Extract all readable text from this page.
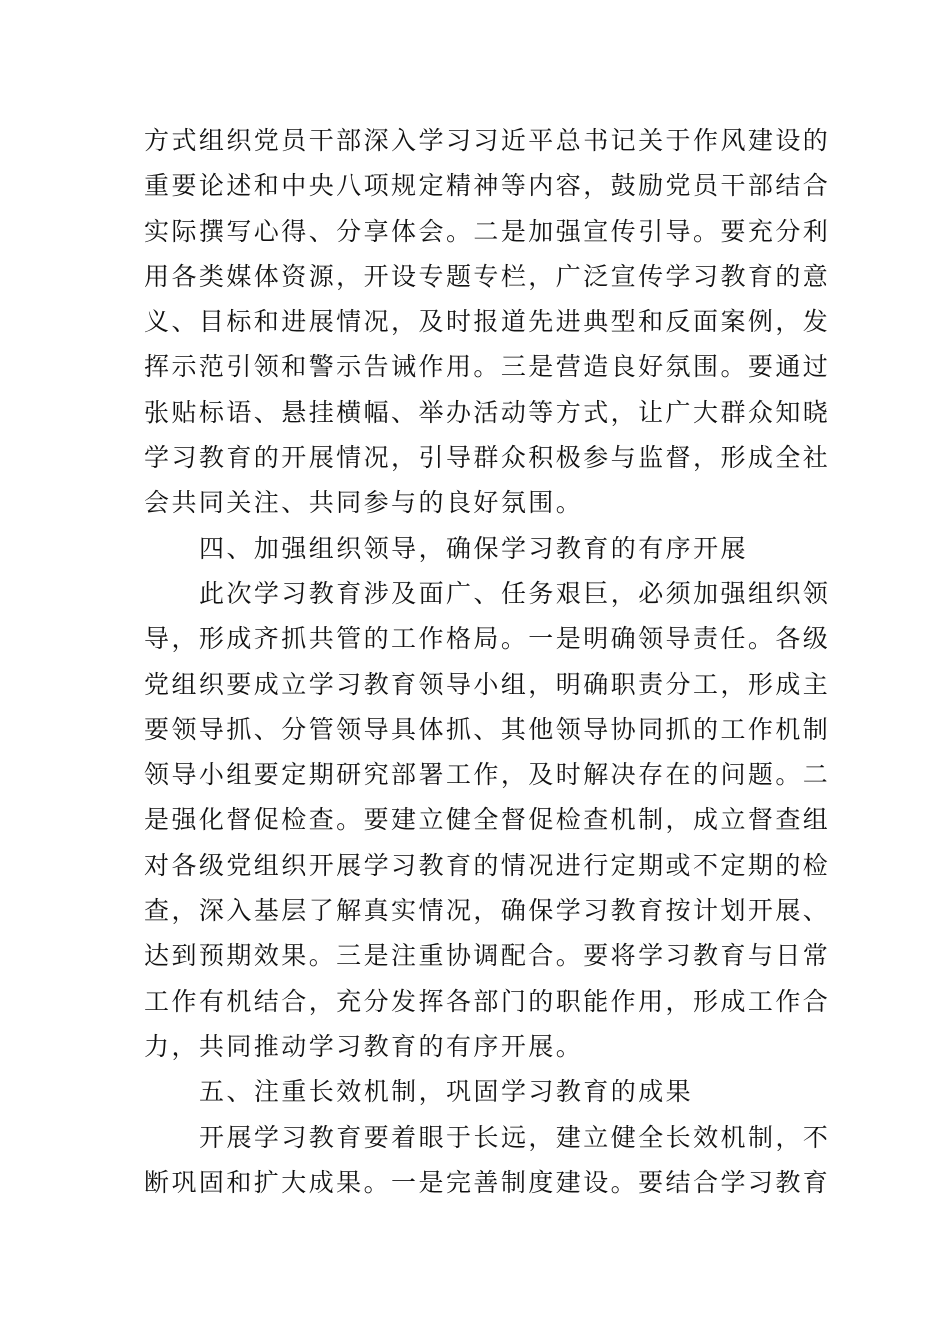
方式组织党员干部深入学习习近平总书记关于作风建设的
重要论述和中央八项规定精神等内容，鼓励党员干部结合
实际撰写心得、分享体会。二是加强宣传引导。要充分利
用各类媒体资源，开设专题专栏，广泛宣传学习教育的意
义、目标和进展情况，及时报道先进典型和反面案例，发
挥示范引领和警示告诫作用。三是营造良好氛围。要通过
张贴标语、悬挂横幅、举办活动等方式，让广大群众知晓
学习教育的开展情况，引导群众积极参与监督，形成全社
会共同关注、共同参与的良好氛围。
四、加强组织领导，确保学习教育的有序开展
此次学习教育涉及面广、任务艰巨，必须加强组织领
导，形成齐抓共管的工作格局。一是明确领导责任。各级
党组织要成立学习教育领导小组，明确职责分工，形成主
要领导抓、分管领导具体抓、其他领导协同抓的工作机制
领导小组要定期研究部署工作，及时解决存在的问题。二
是强化督促检查。要建立健全督促检查机制，成立督查组
对各级党组织开展学习教育的情况进行定期或不定期的检
查，深入基层了解真实情况，确保学习教育按计划开展、
达到预期效果。三是注重协调配合。要将学习教育与日常
工作有机结合，充分发挥各部门的职能作用，形成工作合
力，共同推动学习教育的有序开展。
五、注重长效机制，巩固学习教育的成果
开展学习教育要着眼于长远，建立健全长效机制，不
断巩固和扩大成果。一是完善制度建设。要结合学习教育
